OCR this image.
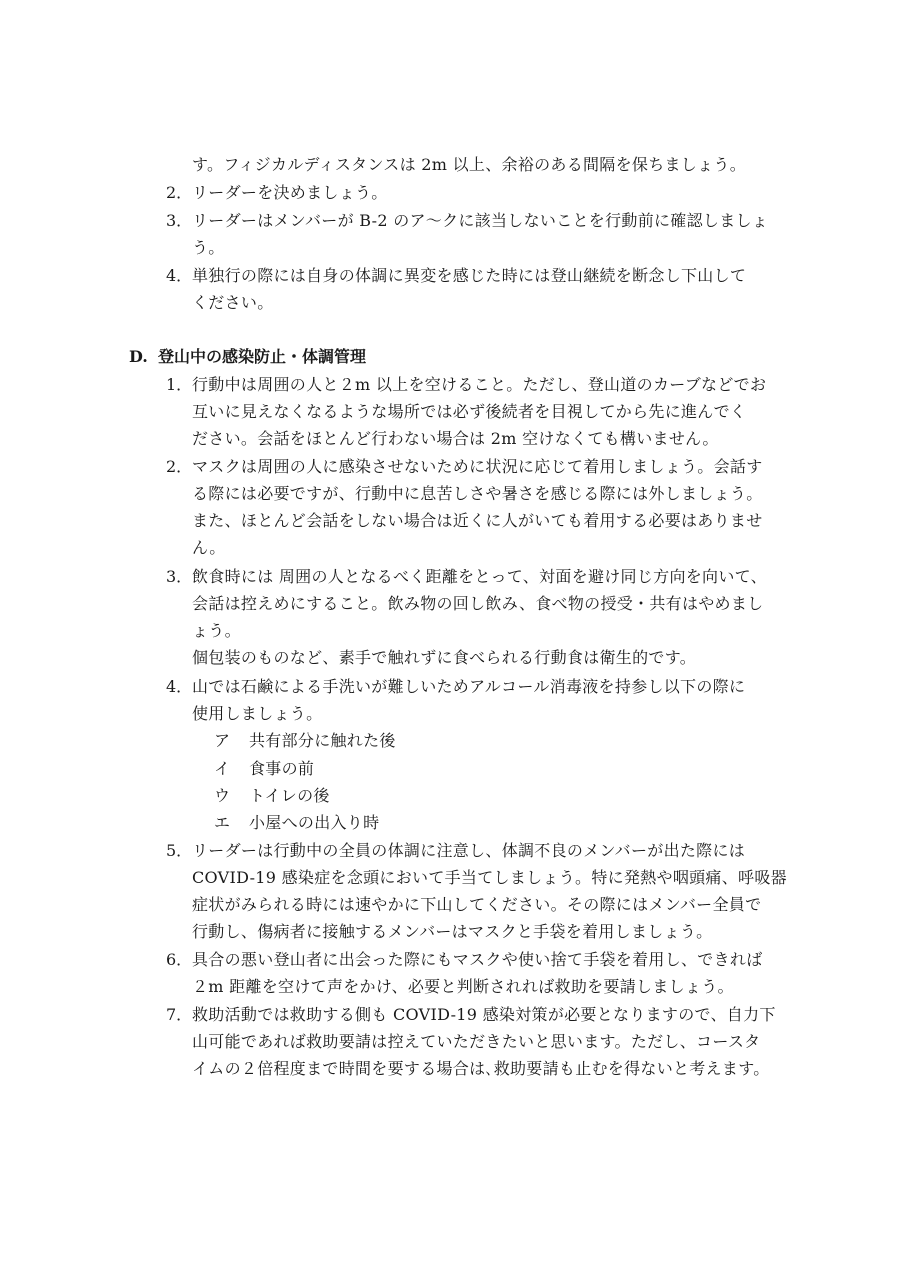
す。フィジカルディスタンスは 2m 以上、余裕のある間隔を保ちましょう。
2． リーダーを決めましょう。
3． リーダーはメンバーが B-2 のア～クに該当しないことを行動前に確認しましょ
う。
4． 単独行の際には自身の体調に異変を感じた時には登山継続を断念し下山して
ください。
D. 登山中の感染防止・体調管理
1． 行動中は周囲の人と２m 以上を空けること。ただし、登山道のカーブなどでお
互いに見えなくなるような場所では必ず後続者を目視してから先に進んでく
ださい。会話をほとんど行わない場合は 2m 空けなくても構いません。
2． マスクは周囲の人に感染させないために状況に応じて着用しましょう。会話す
る際には必要ですが、行動中に息苦しさや暑さを感じる際には外しましょう。
また、ほとんど会話をしない場合は近くに人がいても着用する必要はありませ
ん。
3． 飲食時には 周囲の人となるべく距離をとって、対面を避け同じ方向を向いて、
会話は控えめにすること。飲み物の回し飲み、食べ物の授受・共有はやめまし
ょう。
個包装のものなど、素手で触れずに食べられる行動食は衛生的です。
4． 山では石鹸による手洗いが難しいためアルコール消毒液を持参し以下の際に
使用しましょう。
ア 共有部分に触れた後
イ 食事の前
ウ トイレの後
エ 小屋への出入り時
5． リーダーは行動中の全員の体調に注意し、体調不良のメンバーが出た際には
COVID-19 感染症を念頭において手当てしましょう。特に発熱や咽頭痛、呼吸器
症状がみられる時には速やかに下山してください。その際にはメンバー全員で
行動し、傷病者に接触するメンバーはマスクと手袋を着用しましょう。
6． 具合の悪い登山者に出会った際にもマスクや使い捨て手袋を着用し、できれば
２m 距離を空けて声をかけ、必要と判断されれば救助を要請しましょう。
7． 救助活動では救助する側も COVID-19 感染対策が必要となりますので、自力下
山可能であれば救助要請は控えていただきたいと思います。ただし、コースタ
イムの２倍程度まで時間を要する場合は､救助要請も止むを得ないと考えます。
